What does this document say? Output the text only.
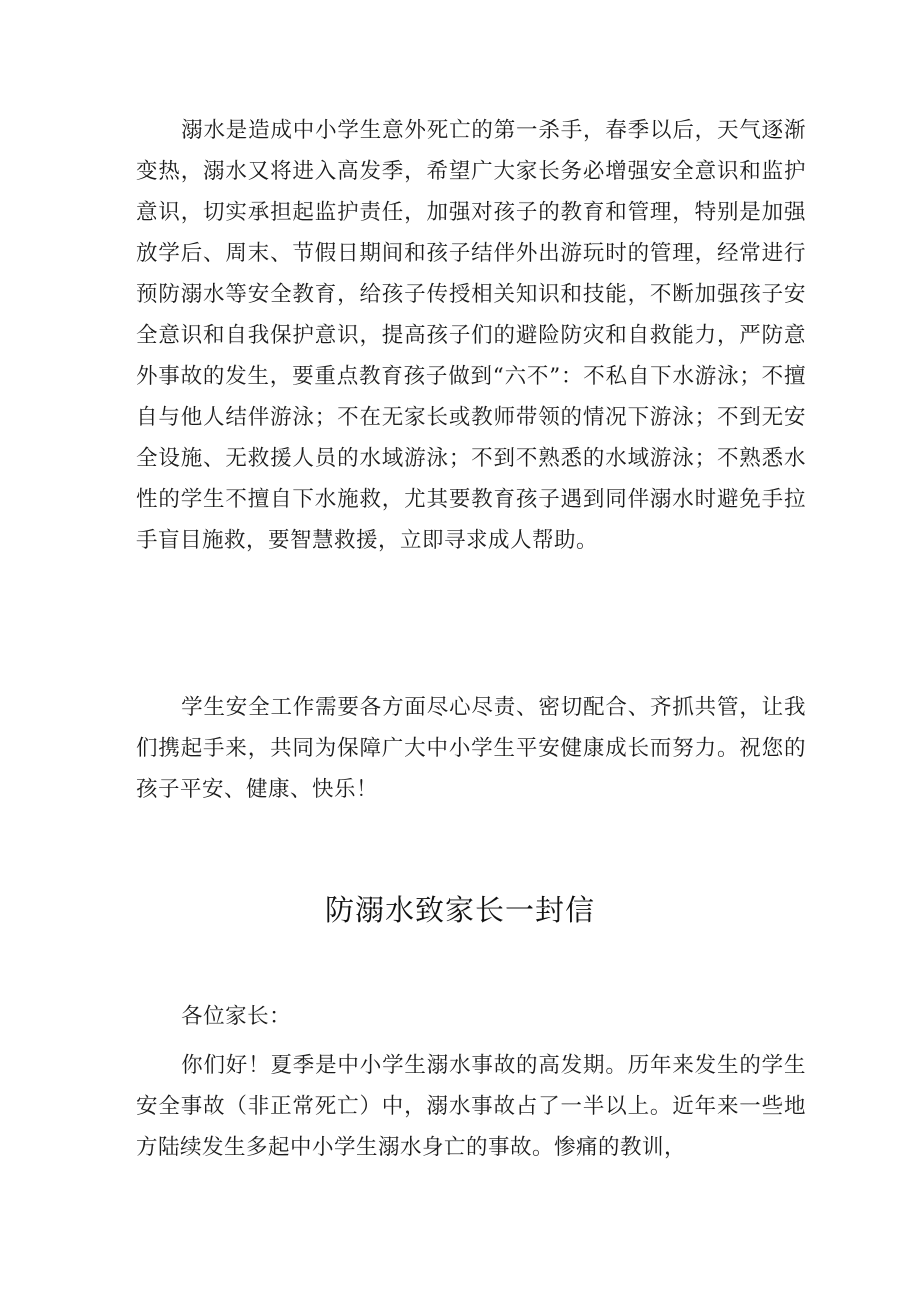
溺水是造成中小学生意外死亡的第一杀手，春季以后，天气逐渐变热，溺水又将进入高发季，希望广大家长务必增强安全意识和监护意识，切实承担起监护责任，加强对孩子的教育和管理，特别是加强放学后、周末、节假日期间和孩子结伴外出游玩时的管理，经常进行预防溺水等安全教育，给孩子传授相关知识和技能，不断加强孩子安全意识和自我保护意识，提高孩子们的避险防灾和自救能力，严防意外事故的发生，要重点教育孩子做到“六不”：不私自下水游泳；不擅自与他人结伴游泳；不在无家长或教师带领的情况下游泳；不到无安全设施、无救援人员的水域游泳；不到不熟悉的水域游泳；不熟悉水性的学生不擅自下水施救，尤其要教育孩子遇到同伴溺水时避免手拉手盲目施救，要智慧救援，立即寻求成人帮助。

学生安全工作需要各方面尽心尽责、密切配合、齐抓共管，让我们携起手来，共同为保障广大中小学生平安健康成长而努力。祝您的孩子平安、健康、快乐！

防溺水致家长一封信

各位家长：

你们好！夏季是中小学生溺水事故的高发期。历年来发生的学生安全事故（非正常死亡）中，溺水事故占了一半以上。近年来一些地方陆续发生多起中小学生溺水身亡的事故。惨痛的教训，
